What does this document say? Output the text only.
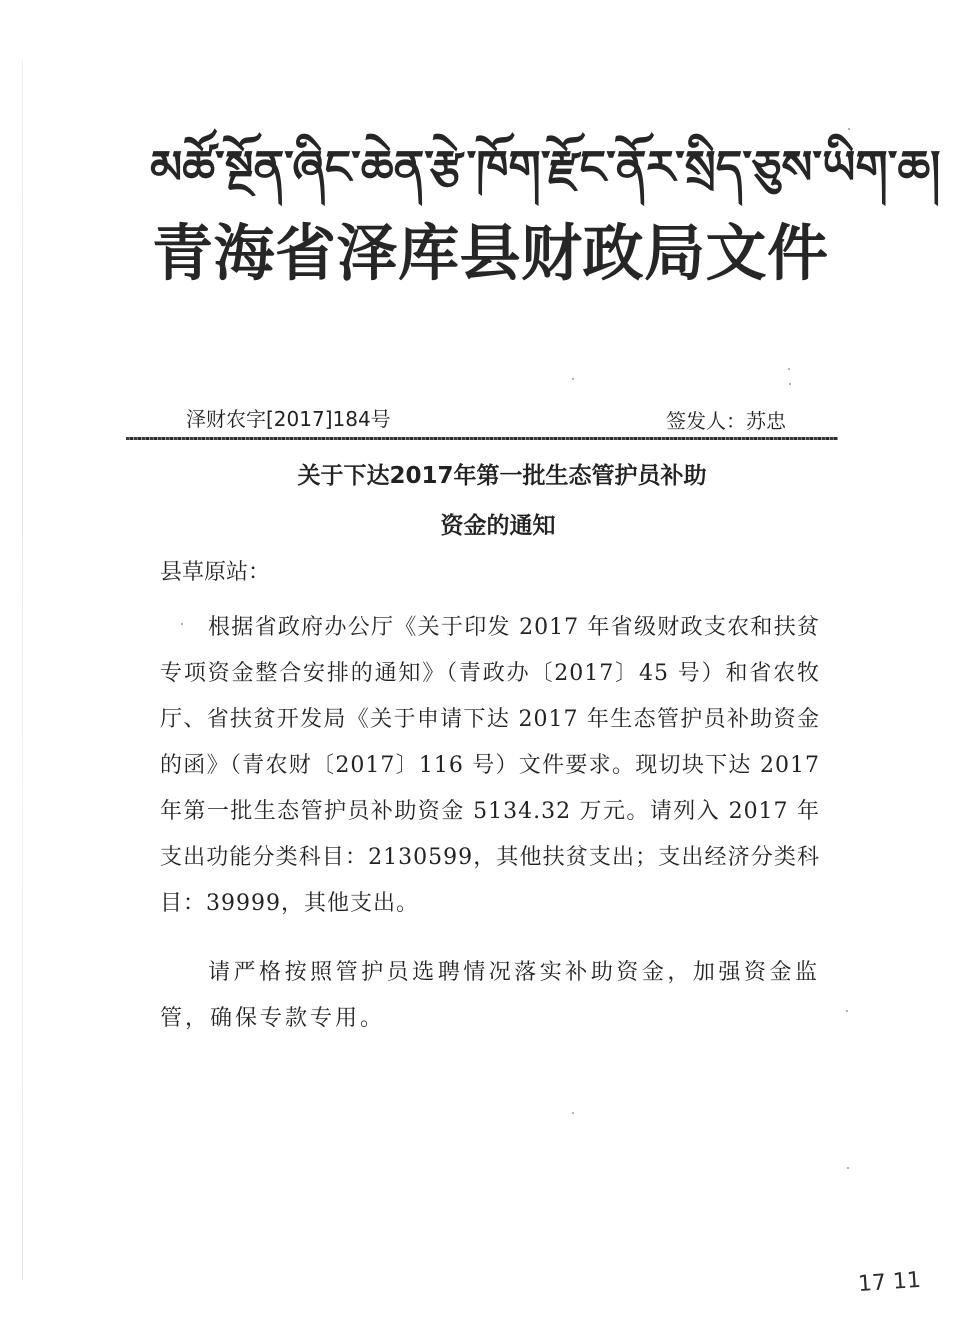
མཚོ་སྔོན་ཞིང་ཆེན་རྩེ་ཁོག་རྫོང་ནོར་སྲིད་ཅུས་ཡིག་ཆ།
青海省泽库县财政局文件
泽财农字[2017]184号	签发人：苏忠
关于下达2017年第一批生态管护员补助
资金的通知
县草原站：
根据省政府办公厅《关于印发 2017 年省级财政支农和扶贫专项资金整合安排的通知》（青政办〔2017〕45 号）和省农牧厅、省扶贫开发局《关于申请下达 2017 年生态管护员补助资金的函》（青农财〔2017〕116 号）文件要求。现切块下达 2017 年第一批生态管护员补助资金 5134.32 万元。请列入 2017 年支出功能分类科目：2130599，其他扶贫支出；支出经济分类科目：39999，其他支出。
请严格按照管护员选聘情况落实补助资金，加强资金监管，确保专款专用。
17 11
